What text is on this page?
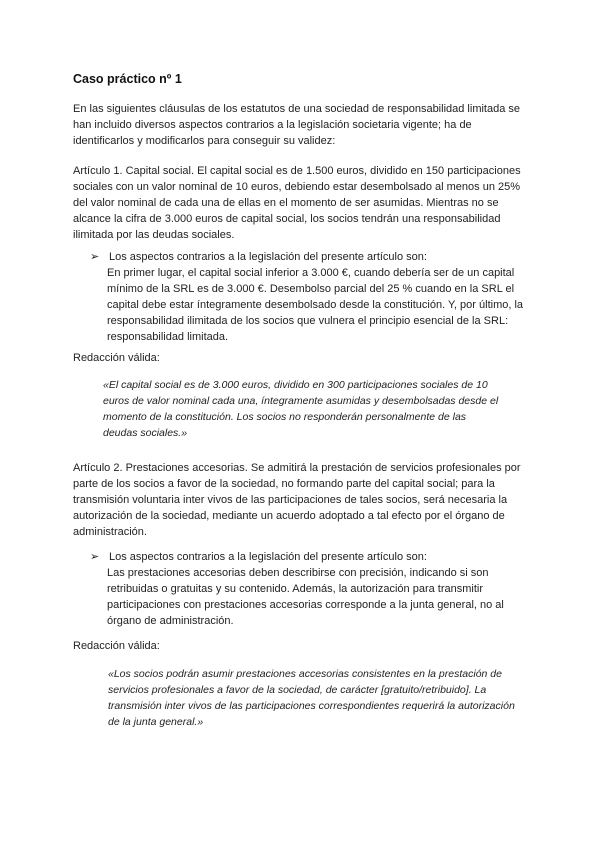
Caso práctico nº 1

En las siguientes cláusulas de los estatutos de una sociedad de responsabilidad limitada se han incluido diversos aspectos contrarios a la legislación societaria vigente; ha de identificarlos y modificarlos para conseguir su validez:

Artículo 1. Capital social. El capital social es de 1.500 euros, dividido en 150 participaciones sociales con un valor nominal de 10 euros, debiendo estar desembolsado al menos un 25% del valor nominal de cada una de ellas en el momento de ser asumidas. Mientras no se alcance la cifra de 3.000 euros de capital social, los socios tendrán una responsabilidad ilimitada por las deudas sociales.

➢ Los aspectos contrarios a la legislación del presente artículo son:
En primer lugar, el capital social inferior a 3.000 €, cuando debería ser de un capital mínimo de la SRL es de 3.000 €. Desembolso parcial del 25 % cuando en la SRL el capital debe estar íntegramente desembolsado desde la constitución. Y, por último, la responsabilidad ilimitada de los socios que vulnera el principio esencial de la SRL: responsabilidad limitada.
Redacción válida:
«El capital social es de 3.000 euros, dividido en 300 participaciones sociales de 10 euros de valor nominal cada una, íntegramente asumidas y desembolsadas desde el momento de la constitución. Los socios no responderán personalmente de las deudas sociales.»

Artículo 2. Prestaciones accesorias. Se admitirá la prestación de servicios profesionales por parte de los socios a favor de la sociedad, no formando parte del capital social; para la transmisión voluntaria inter vivos de las participaciones de tales socios, será necesaria la autorización de la sociedad, mediante un acuerdo adoptado a tal efecto por el órgano de administración.

➢ Los aspectos contrarios a la legislación del presente artículo son:
Las prestaciones accesorias deben describirse con precisión, indicando si son retribuidas o gratuitas y su contenido. Además, la autorización para transmitir participaciones con prestaciones accesorias corresponde a la junta general, no al órgano de administración.
Redacción válida:
«Los socios podrán asumir prestaciones accesorias consistentes en la prestación de servicios profesionales a favor de la sociedad, de carácter [gratuito/retribuido]. La transmisión inter vivos de las participaciones correspondientes requerirá la autorización de la junta general.»
